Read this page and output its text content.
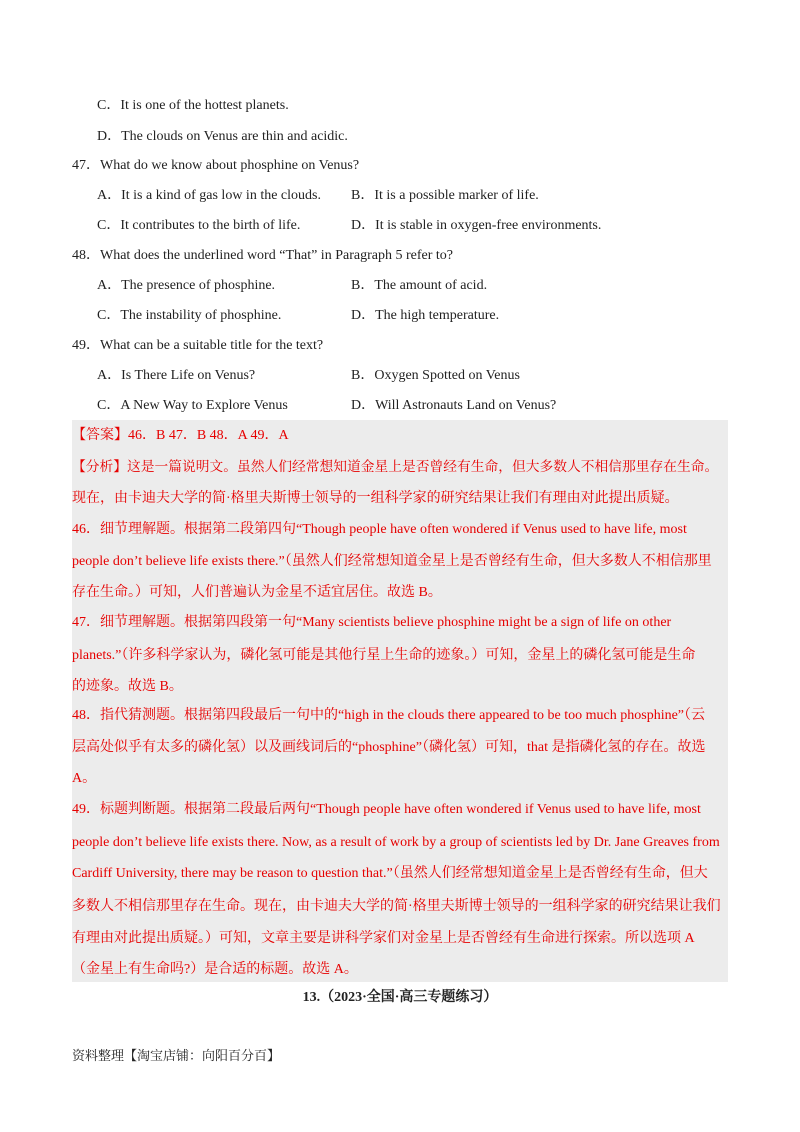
C．It is one of the hottest planets.
D．The clouds on Venus are thin and acidic.
47．What do we know about phosphine on Venus?
A．It is a kind of gas low in the clouds. B．It is a possible marker of life.
C．It contributes to the birth of life.	D．It is stable in oxygen-free environments.
48．What does the underlined word “That” in Paragraph 5 refer to?
A．The presence of phosphine.	B．The amount of acid.
C．The instability of phosphine.	D．The high temperature.
49．What can be a suitable title for the text?
A．Is There Life on Venus?	B．Oxygen Spotted on Venus
C．A New Way to Explore Venus	D．Will Astronauts Land on Venus?
【答案】46．B 47．B 48．A 49．A
【分析】这是一篇说明文。虽然人们经常想知道金星上是否曾经有生命，但大多数人不相信那里存在生命。
现在，由卡迪夫大学的简·格里夫斯博士领导的一组科学家的研究结果让我们有理由对此提出质疑。
46．细节理解题。根据第二段第四句“Though people have often wondered if Venus used to have life, most
people don’t believe life exists there.”（虽然人们经常想知道金星上是否曾经有生命，但大多数人不相信那里
存在生命。）可知，人们普遍认为金星不适宜居住。故选 B。
47．细节理解题。根据第四段第一句“Many scientists believe phosphine might be a sign of life on other
planets.”（许多科学家认为，磷化氢可能是其他行星上生命的迹象。）可知，金星上的磷化氢可能是生命
的迹象。故选 B。
48．指代猜测题。根据第四段最后一句中的“high in the clouds there appeared to be too much phosphine”（云
层高处似乎有太多的磷化氢）以及画线词后的“phosphine”（磷化氢）可知，that 是指磷化氢的存在。故选
A。
49．标题判断题。根据第二段最后两句“Though people have often wondered if Venus used to have life, most
people don’t believe life exists there. Now, as a result of work by a group of scientists led by Dr. Jane Greaves from
Cardiff University, there may be reason to question that.”（虽然人们经常想知道金星上是否曾经有生命，但大
多数人不相信那里存在生命。现在，由卡迪夫大学的简·格里夫斯博士领导的一组科学家的研究结果让我们
有理由对此提出质疑。）可知，文章主要是讲科学家们对金星上是否曾经有生命进行探索。所以选项 A
（金星上有生命吗?）是合适的标题。故选 A。
13.（2023·全国·高三专题练习）
资料整理【淘宝店铺：向阳百分百】
